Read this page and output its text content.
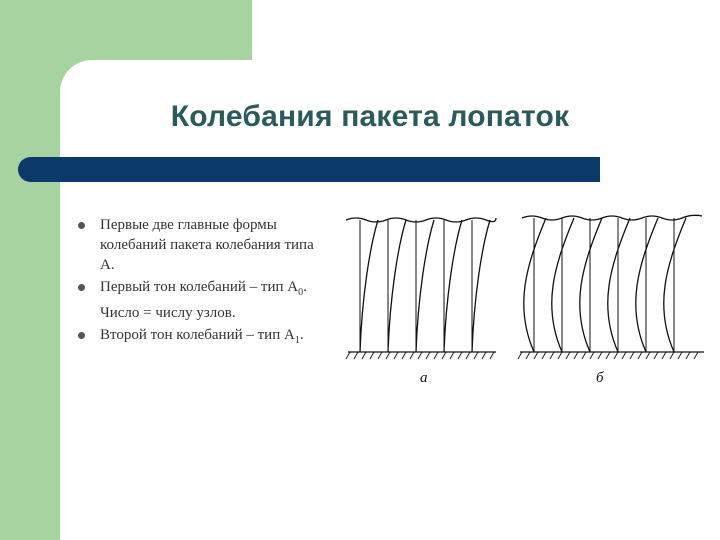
Колебания пакета лопаток
Первые две главные формы колебаний пакета колебания типа А.
Первый тон колебаний – тип $А_0$. Число = числу узлов.
Второй тон колебаний – тип $А_1$.
а	б
